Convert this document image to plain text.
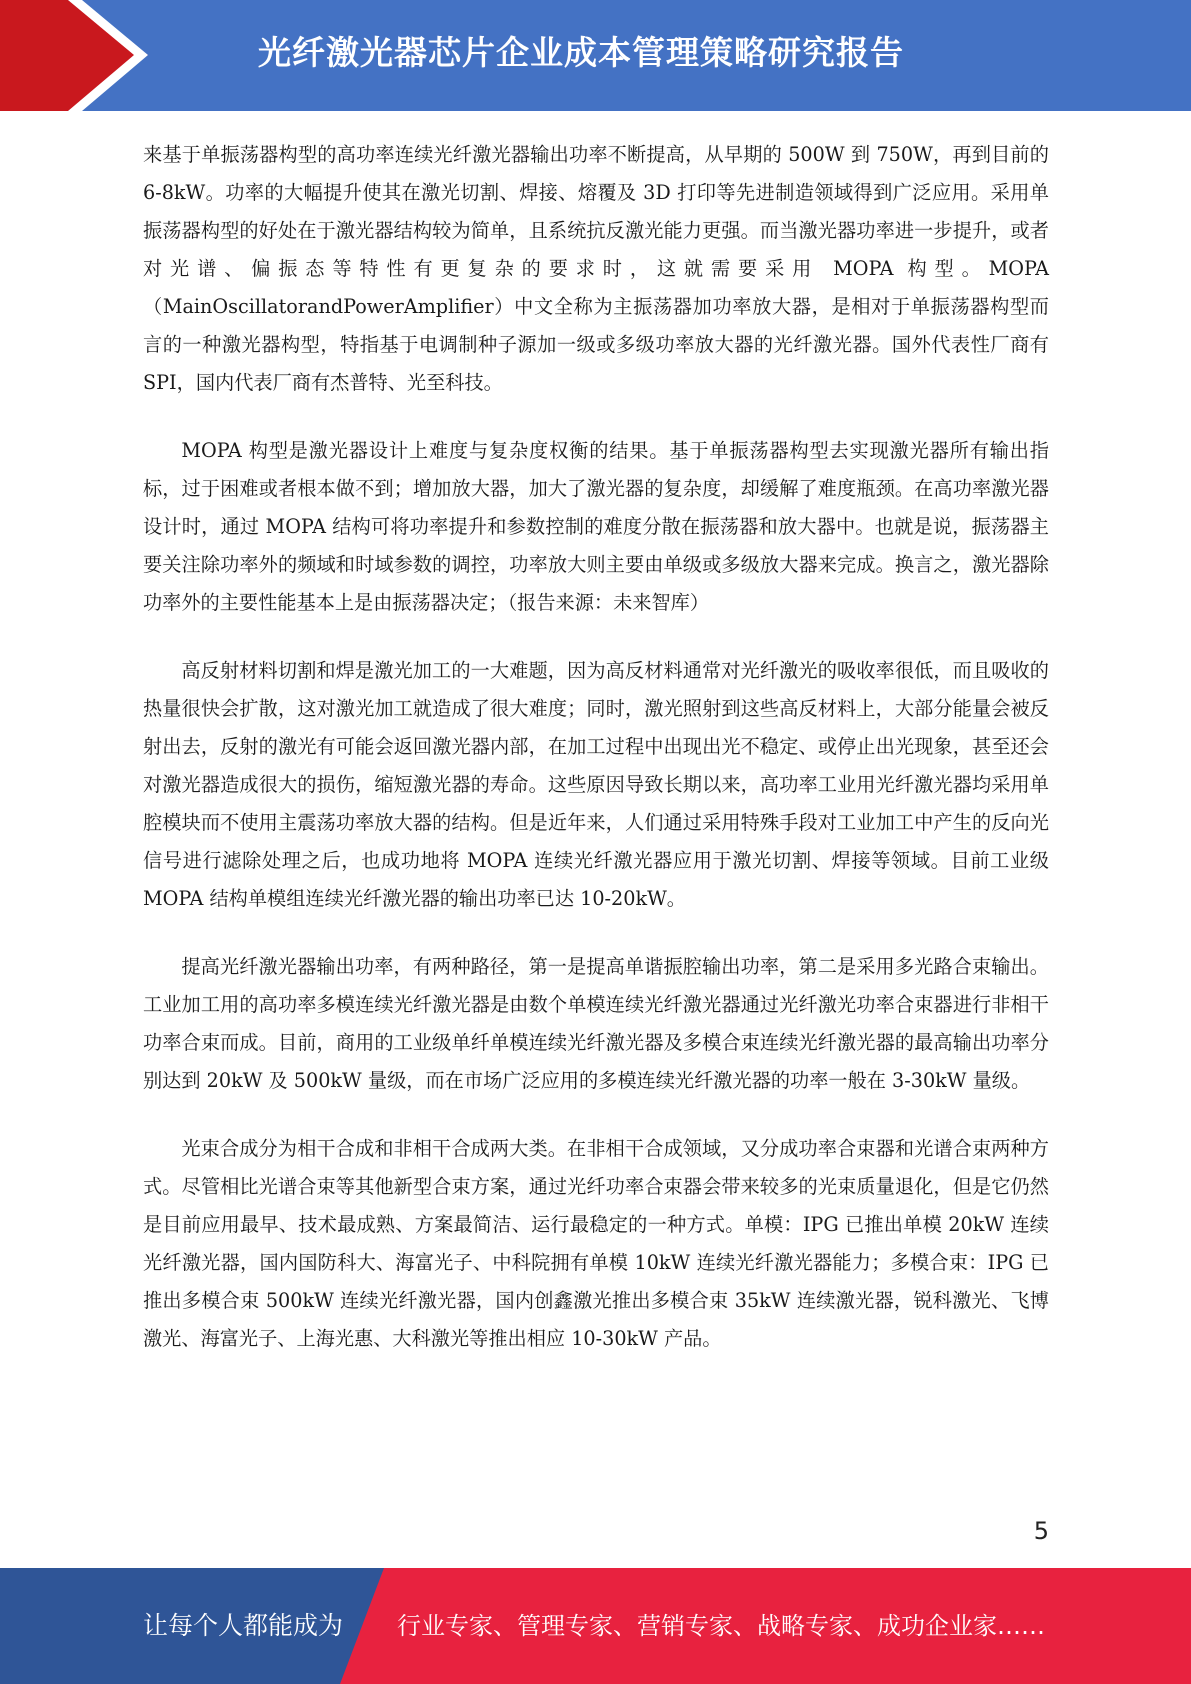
光纤激光器芯片企业成本管理策略研究报告

来基于单振荡器构型的高功率连续光纤激光器输出功率不断提高，从早期的 500W 到 750W，再到目前的 6-8kW。功率的大幅提升使其在激光切割、焊接、熔覆及 3D 打印等先进制造领域得到广泛应用。采用单振荡器构型的好处在于激光器结构较为简单，且系统抗反激光能力更强。而当激光器功率进一步提升，或者对光谱、偏振态等特性有更复杂的要求时，这就需要采用 MOPA 构型。MOPA（MainOscillatorandPowerAmplifier）中文全称为主振荡器加功率放大器，是相对于单振荡器构型而言的一种激光器构型，特指基于电调制种子源加一级或多级功率放大器的光纤激光器。国外代表性厂商有 SPI，国内代表厂商有杰普特、光至科技。

MOPA 构型是激光器设计上难度与复杂度权衡的结果。基于单振荡器构型去实现激光器所有输出指标，过于困难或者根本做不到；增加放大器，加大了激光器的复杂度，却缓解了难度瓶颈。在高功率激光器设计时，通过 MOPA 结构可将功率提升和参数控制的难度分散在振荡器和放大器中。也就是说，振荡器主要关注除功率外的频域和时域参数的调控，功率放大则主要由单级或多级放大器来完成。换言之，激光器除功率外的主要性能基本上是由振荡器决定；（报告来源：未来智库）

高反射材料切割和焊是激光加工的一大难题，因为高反材料通常对光纤激光的吸收率很低，而且吸收的热量很快会扩散，这对激光加工就造成了很大难度；同时，激光照射到这些高反材料上，大部分能量会被反射出去，反射的激光有可能会返回激光器内部，在加工过程中出现出光不稳定、或停止出光现象，甚至还会对激光器造成很大的损伤，缩短激光器的寿命。这些原因导致长期以来，高功率工业用光纤激光器均采用单腔模块而不使用主震荡功率放大器的结构。但是近年来，人们通过采用特殊手段对工业加工中产生的反向光信号进行滤除处理之后，也成功地将 MOPA 连续光纤激光器应用于激光切割、焊接等领域。目前工业级 MOPA 结构单模组连续光纤激光器的输出功率已达 10-20kW。

提高光纤激光器输出功率，有两种路径，第一是提高单谐振腔输出功率，第二是采用多光路合束输出。工业加工用的高功率多模连续光纤激光器是由数个单模连续光纤激光器通过光纤激光功率合束器进行非相干功率合束而成。目前，商用的工业级单纤单模连续光纤激光器及多模合束连续光纤激光器的最高输出功率分别达到 20kW 及 500kW 量级，而在市场广泛应用的多模连续光纤激光器的功率一般在 3-30kW 量级。

光束合成分为相干合成和非相干合成两大类。在非相干合成领域，又分成功率合束器和光谱合束两种方式。尽管相比光谱合束等其他新型合束方案，通过光纤功率合束器会带来较多的光束质量退化，但是它仍然是目前应用最早、技术最成熟、方案最简洁、运行最稳定的一种方式。单模：IPG 已推出单模 20kW 连续光纤激光器，国内国防科大、海富光子、中科院拥有单模 10kW 连续光纤激光器能力；多模合束：IPG 已推出多模合束 500kW 连续光纤激光器，国内创鑫激光推出多模合束 35kW 连续激光器，锐科激光、飞博激光、海富光子、上海光惠、大科激光等推出相应 10-30kW 产品。

5
让每个人都能成为 行业专家、管理专家、营销专家、战略专家、成功企业家……
